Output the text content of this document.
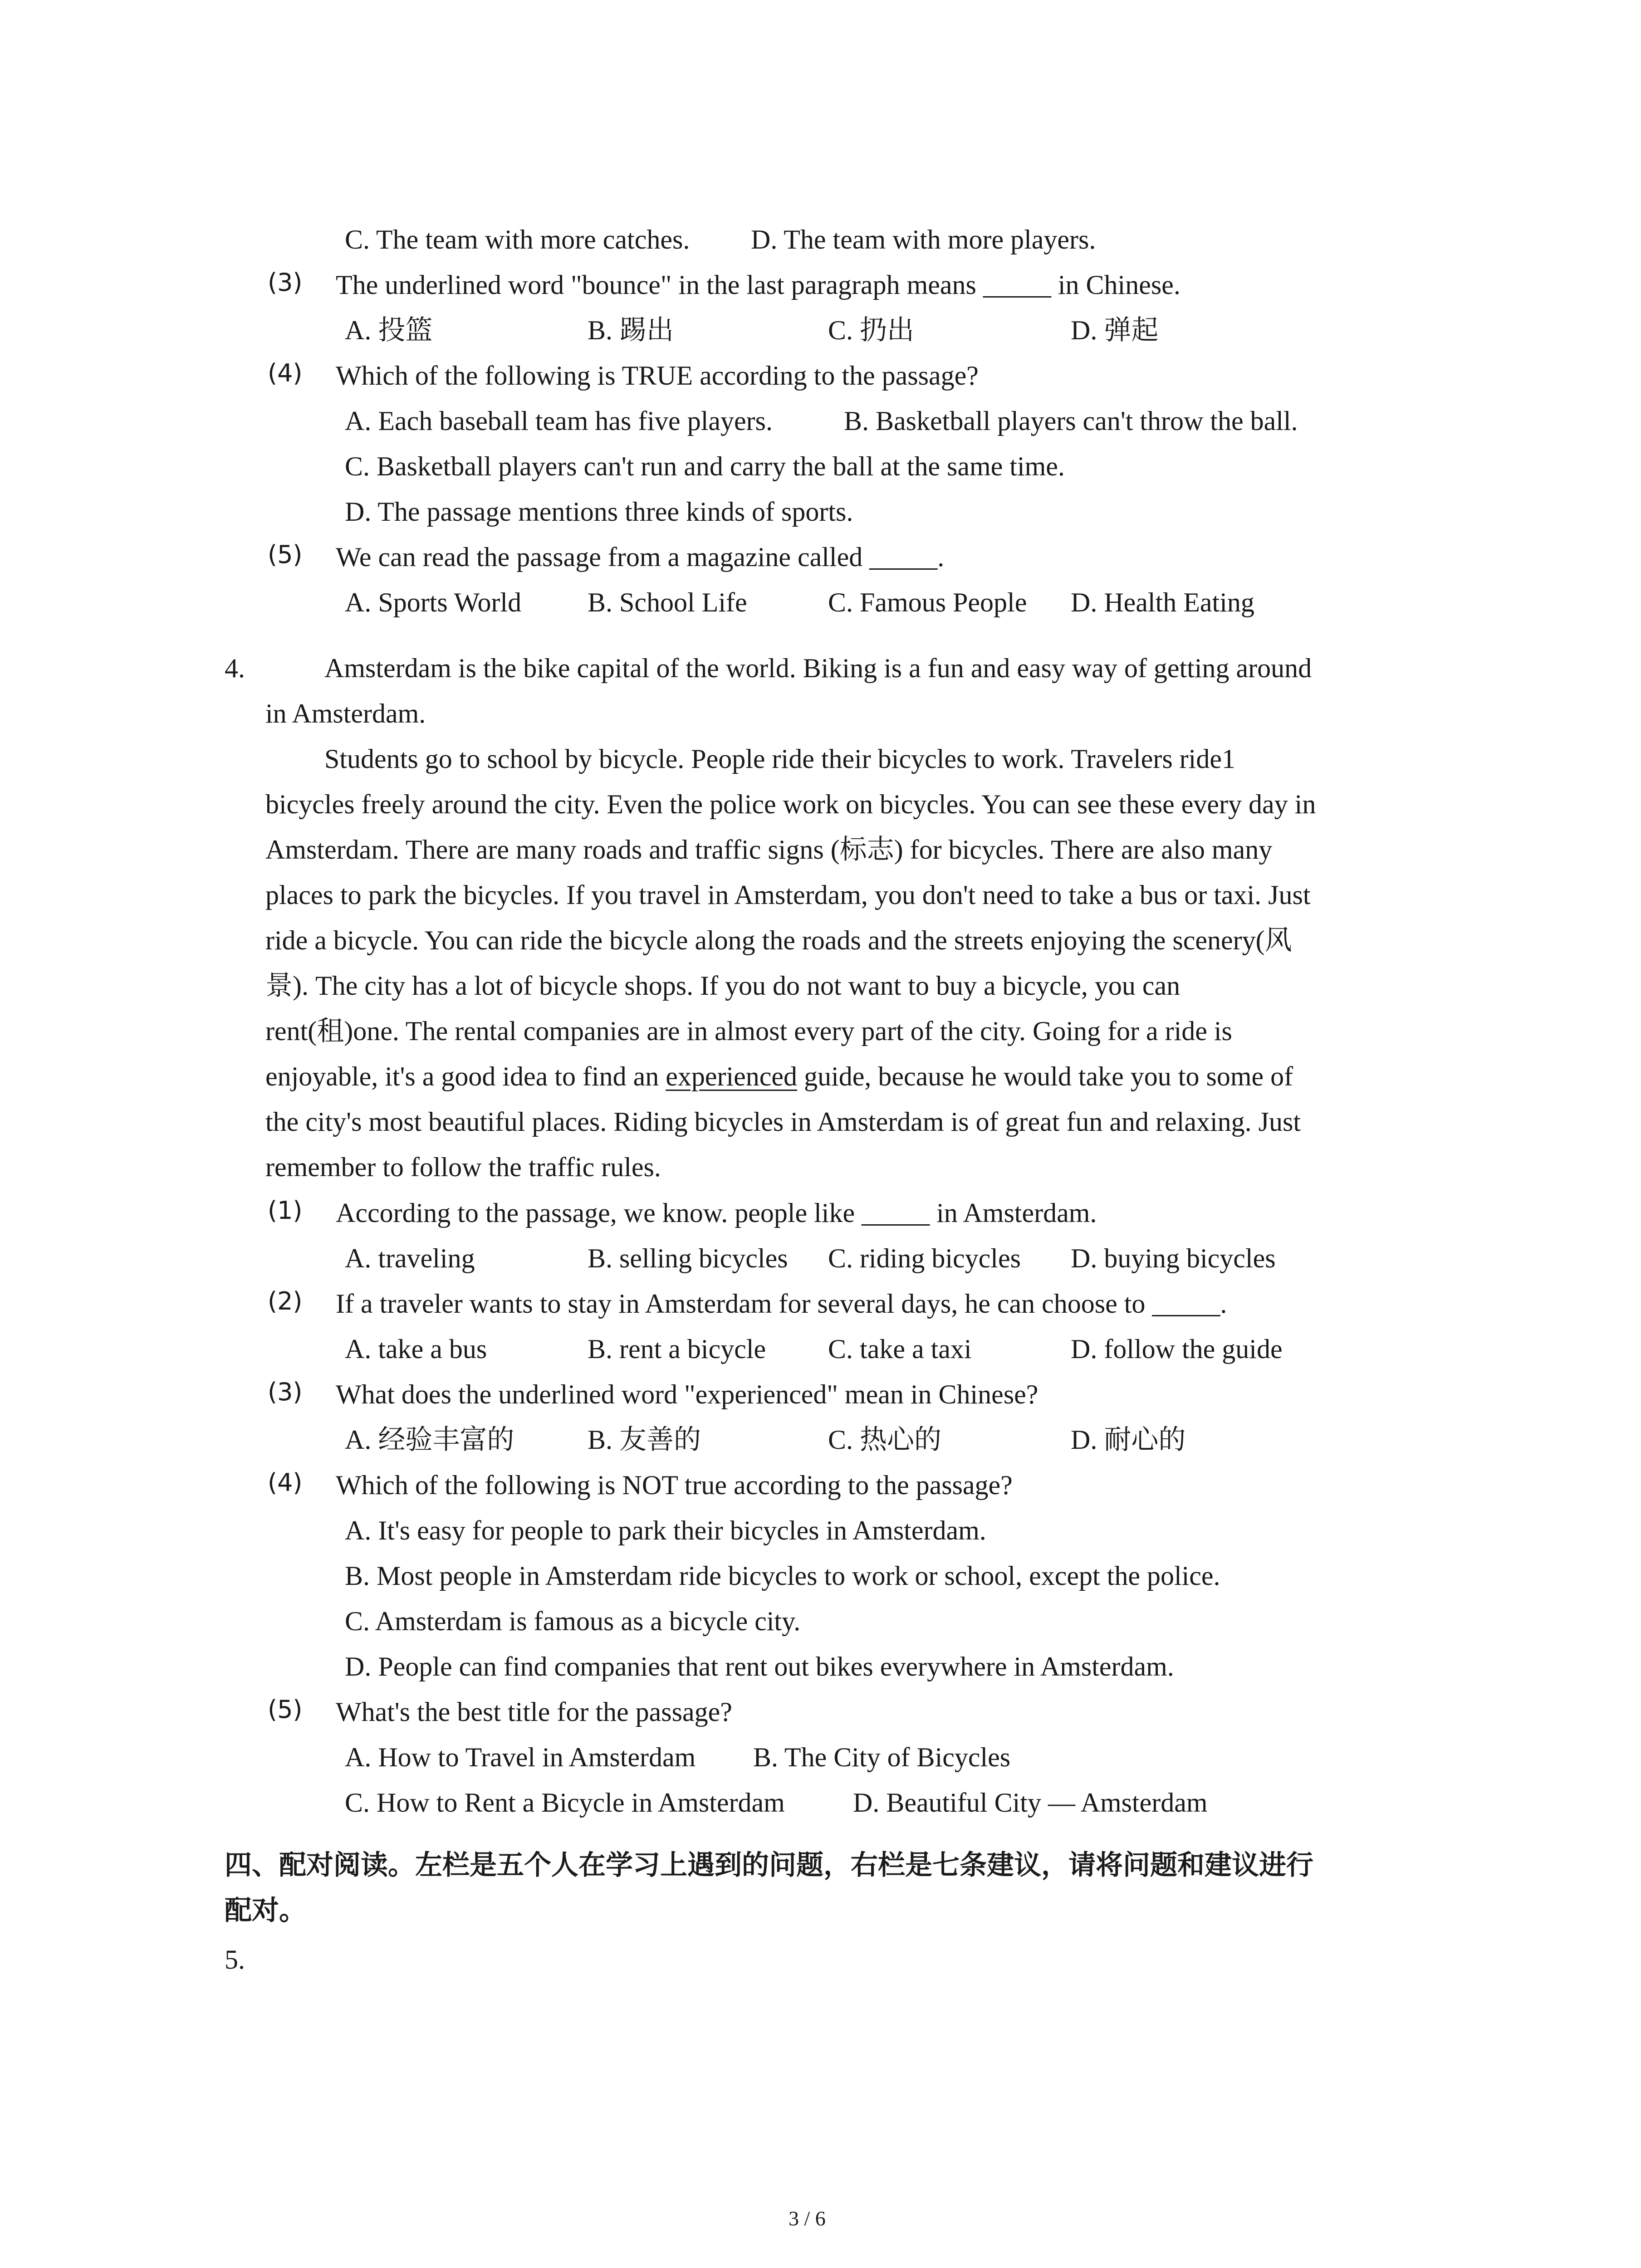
C. The team with more catches. D. The team with more players.
(3) The underlined word "bounce" in the last paragraph means _____ in Chinese.
A. 投篮	B. 踢出	C. 扔出	D. 弹起
(4) Which of the following is TRUE according to the passage?
A. Each baseball team has five players.	B. Basketball players can't throw the ball.
C. Basketball players can't run and carry the ball at the same time.
D. The passage mentions three kinds of sports.
(5) We can read the passage from a magazine called _____.
A. Sports World B. School Life	C. Famous People D. Health Eating
4.	Amsterdam is the bike capital of the world. Biking is a fun and easy way of getting around
in Amsterdam.
Students go to school by bicycle. People ride their bicycles to work. Travelers ride1
bicycles freely around the city. Even the police work on bicycles. You can see these every day in
Amsterdam. There are many roads and traffic signs (标志) for bicycles. There are also many
places to park the bicycles. If you travel in Amsterdam, you don't need to take a bus or taxi. Just
ride a bicycle. You can ride the bicycle along the roads and the streets enjoying the scenery(风
景). The city has a lot of bicycle shops. If you do not want to buy a bicycle, you can
rent(租)one. The rental companies are in almost every part of the city. Going for a ride is
enjoyable, it's a good idea to find an experienced guide, because he would take you to some of
the city's most beautiful places. Riding bicycles in Amsterdam is of great fun and relaxing. Just
remember to follow the traffic rules.
(1) According to the passage, we know. people like _____ in Amsterdam.
A. traveling	B. selling bicycles C. riding bicycles D. buying bicycles
(2) If a traveler wants to stay in Amsterdam for several days, he can choose to _____.
A. take a bus	B. rent a bicycle C. take a taxi	D. follow the guide
(3) What does the underlined word "experienced" mean in Chinese?
A. 经验丰富的	B. 友善的	C. 热心的	D. 耐心的
(4) Which of the following is NOT true according to the passage?
A. It's easy for people to park their bicycles in Amsterdam.
B. Most people in Amsterdam ride bicycles to work or school, except the police.
C. Amsterdam is famous as a bicycle city.
D. People can find companies that rent out bikes everywhere in Amsterdam.
(5) What's the best title for the passage?
A. How to Travel in Amsterdam B. The City of Bicycles
C. How to Rent a Bicycle in Amsterdam	D. Beautiful City — Amsterdam
四、配对阅读。左栏是五个人在学习上遇到的问题，右栏是七条建议，请将问题和建议进行
配对。
5.
3 / 6
